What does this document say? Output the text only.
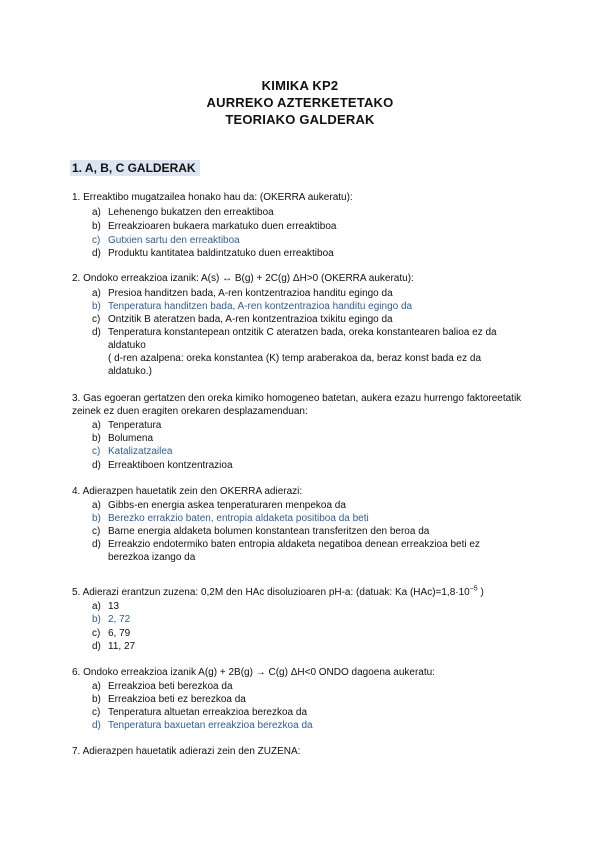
KIMIKA KP2
AURREKO AZTERKETETAKO
TEORIAKO GALDERAK
1. A, B, C GALDERAK
1. Erreaktibo mugatzailea honako hau da: (OKERRA aukeratu):
a) Lehenengo bukatzen den erreaktiboa
b) Erreakzioaren bukaera markatuko duen erreaktiboa
c) Gutxien sartu den erreaktiboa
d) Produktu kantitatea baldintzatuko duen erreaktiboa
2. Ondoko erreakzioa izanik: A(s) ↔ B(g) + 2C(g) ΔH>0 (OKERRA aukeratu):
a) Presioa handitzen bada, A-ren kontzentrazioa handitu egingo da
b) Tenperatura handitzen bada, A-ren kontzentrazioa handitu egingo da
c) Ontzitik B ateratzen bada, A-ren kontzentrazioa txikitu egingo da
d) Tenperatura konstantepean ontzitik C ateratzen bada, oreka konstantearen balioa ez da aldatuko
( d-ren azalpena: oreka konstantea (K) temp araberakoa da, beraz konst bada ez da aldatuko.)
3. Gas egoeran gertatzen den oreka kimiko homogeneo batetan, aukera ezazu hurrengo faktoreetatik zeinek ez duen eragiten orekaren desplazamenduan:
a) Tenperatura
b) Bolumena
c) Katalizatzailea
d) Erreaktiboen kontzentrazioa
4. Adierazpen hauetatik zein den OKERRA adierazi:
a) Gibbs-en energia askea tenperaturaren menpekoa da
b) Berezko errakzio baten, entropia aldaketa positiboa da beti
c) Barne energia aldaketa bolumen konstantean transferitzen den beroa da
d) Erreakzio endotermiko baten entropia aldaketa negatiboa denean erreakzioa beti ez berezkoa izango da
5. Adierazi erantzun zuzena: 0,2M den HAc disoluzioaren pH-a: (datuak: Ka $(HAc)=1,8\cdot 10^{-5}$ )
a) 13
b) 2, 72
c) 6, 79
d) 11, 27
6. Ondoko erreakzioa izanik A(g) + 2B(g) → C(g) ΔH<0 ONDO dagoena aukeratu:
a) Erreakzioa beti berezkoa da
b) Erreakzioa beti ez berezkoa da
c) Tenperatura altuetan erreakzioa berezkoa da
d) Tenperatura baxuetan erreakzioa berezkoa da
7. Adierazpen hauetatik adierazi zein den ZUZENA:
